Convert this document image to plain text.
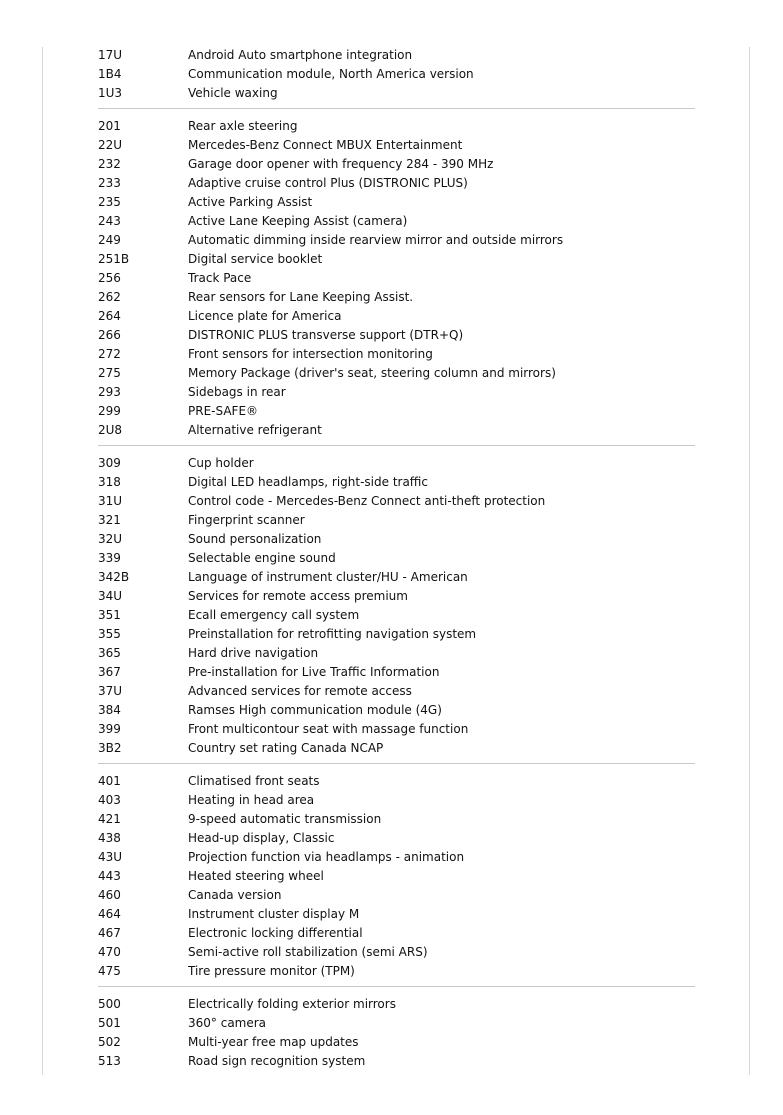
17U	Android Auto smartphone integration
1B4	Communication module, North America version
1U3	Vehicle waxing
201	Rear axle steering
22U	Mercedes-Benz Connect MBUX Entertainment
232	Garage door opener with frequency 284 - 390 MHz
233	Adaptive cruise control Plus (DISTRONIC PLUS)
235	Active Parking Assist
243	Active Lane Keeping Assist (camera)
249	Automatic dimming inside rearview mirror and outside mirrors
251B	Digital service booklet
256	Track Pace
262	Rear sensors for Lane Keeping Assist.
264	Licence plate for America
266	DISTRONIC PLUS transverse support (DTR+Q)
272	Front sensors for intersection monitoring
275	Memory Package (driver's seat, steering column and mirrors)
293	Sidebags in rear
299	PRE-SAFE®
2U8	Alternative refrigerant
309	Cup holder
318	Digital LED headlamps, right-side traffic
31U	Control code - Mercedes-Benz Connect anti-theft protection
321	Fingerprint scanner
32U	Sound personalization
339	Selectable engine sound
342B	Language of instrument cluster/HU - American
34U	Services for remote access premium
351	Ecall emergency call system
355	Preinstallation for retrofitting navigation system
365	Hard drive navigation
367	Pre-installation for Live Traffic Information
37U	Advanced services for remote access
384	Ramses High communication module (4G)
399	Front multicontour seat with massage function
3B2	Country set rating Canada NCAP
401	Climatised front seats
403	Heating in head area
421	9-speed automatic transmission
438	Head-up display, Classic
43U	Projection function via headlamps - animation
443	Heated steering wheel
460	Canada version
464	Instrument cluster display M
467	Electronic locking differential
470	Semi-active roll stabilization (semi ARS)
475	Tire pressure monitor (TPM)
500	Electrically folding exterior mirrors
501	360° camera
502	Multi-year free map updates
513	Road sign recognition system
